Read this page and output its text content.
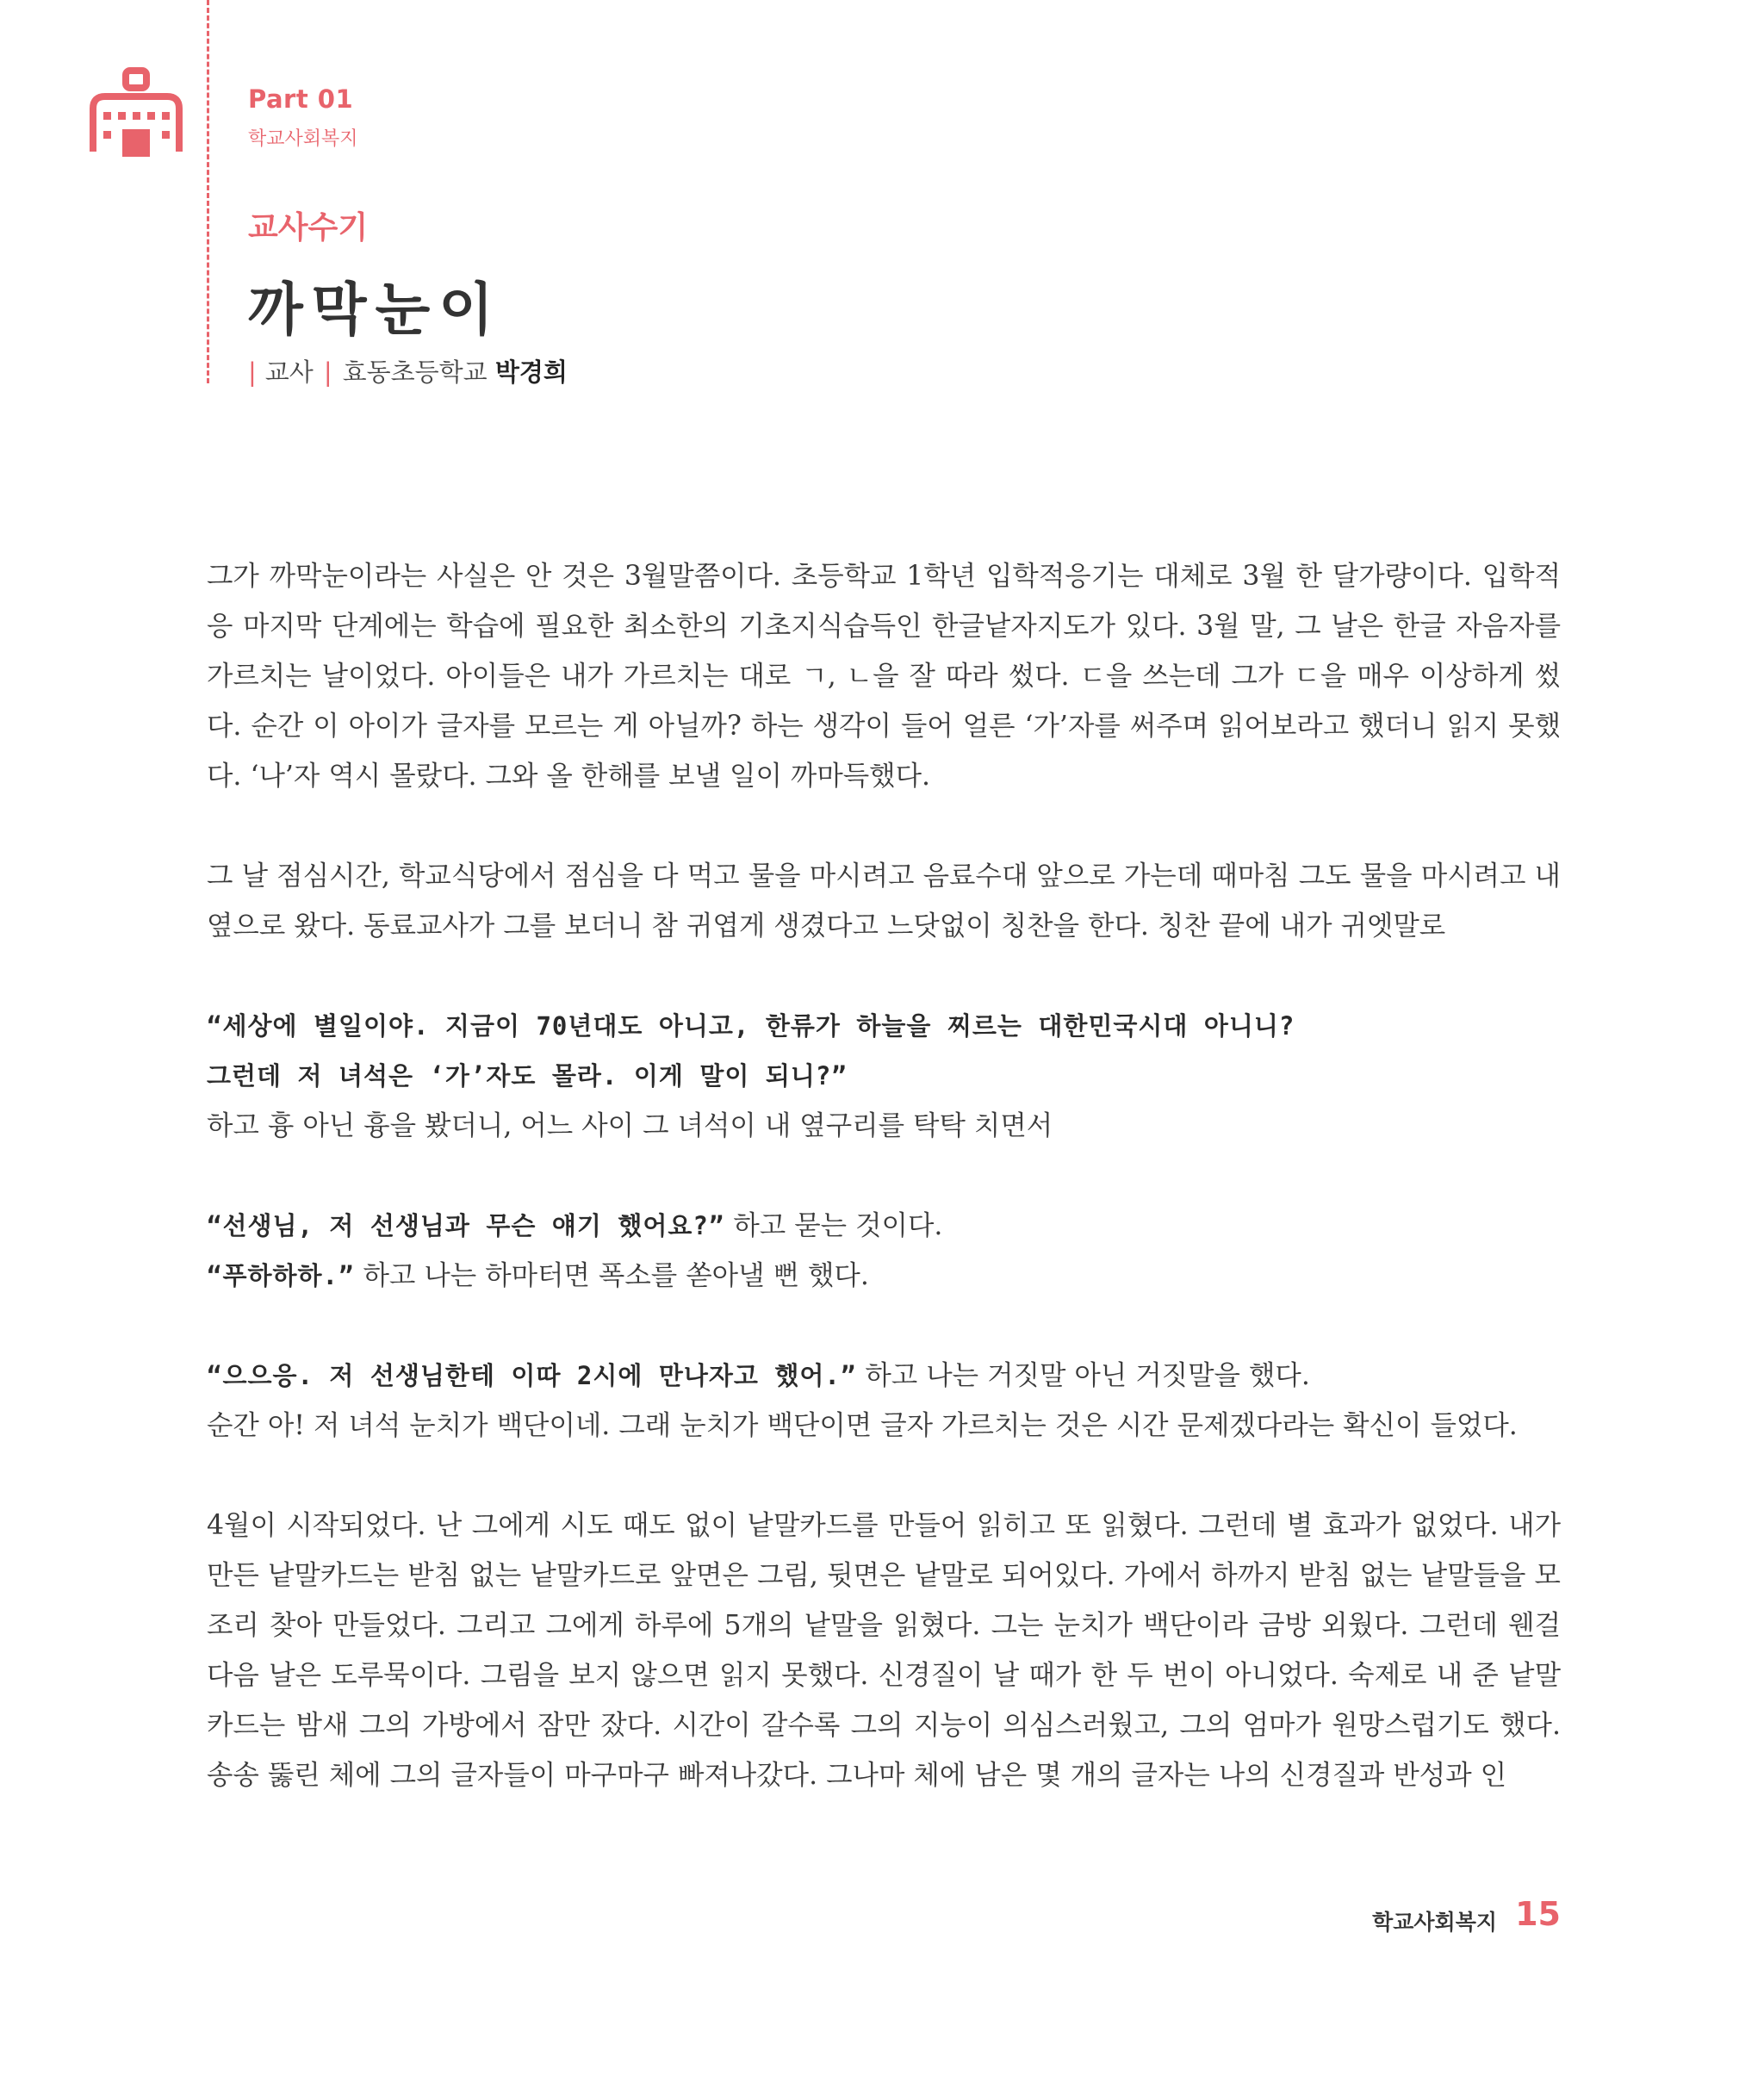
Part 01
학교사회복지
교사수기
까막눈이
| 교사 | 효동초등학교 박경희

그가 까막눈이라는 사실은 안 것은 3월말쯤이다. 초등학교 1학년 입학적응기는 대체로 3월 한 달가량이다. 입학적응 마지막 단계에는 학습에 필요한 최소한의 기초지식습득인 한글낱자지도가 있다. 3월 말, 그 날은 한글 자음자를 가르치는 날이었다. 아이들은 내가 가르치는 대로 ㄱ, ㄴ을 잘 따라 썼다. ㄷ을 쓰는데 그가 ㄷ을 매우 이상하게 썼다. 순간 이 아이가 글자를 모르는 게 아닐까? 하는 생각이 들어 얼른 ‘가’자를 써주며 읽어보라고 했더니 읽지 못했다. ‘나’자 역시 몰랐다. 그와 올 한해를 보낼 일이 까마득했다.

그 날 점심시간, 학교식당에서 점심을 다 먹고 물을 마시려고 음료수대 앞으로 가는데 때마침 그도 물을 마시려고 내 옆으로 왔다. 동료교사가 그를 보더니 참 귀엽게 생겼다고 느닷없이 칭찬을 한다. 칭찬 끝에 내가 귀엣말로

“세상에 별일이야. 지금이 70년대도 아니고, 한류가 하늘을 찌르는 대한민국시대 아니니?
그런데 저 녀석은 ‘가’자도 몰라. 이게 말이 되니?”
하고 흉 아닌 흉을 봤더니, 어느 사이 그 녀석이 내 옆구리를 탁탁 치면서
“선생님, 저 선생님과 무슨 얘기 했어요?” 하고 묻는 것이다.
“푸하하하.” 하고 나는 하마터면 폭소를 쏟아낼 뻔 했다.
“으으응. 저 선생님한테 이따 2시에 만나자고 했어.” 하고 나는 거짓말 아닌 거짓말을 했다.
순간 아! 저 녀석 눈치가 백단이네. 그래 눈치가 백단이면 글자 가르치는 것은 시간 문제겠다라는 확신이 들었다.

4월이 시작되었다. 난 그에게 시도 때도 없이 낱말카드를 만들어 읽히고 또 읽혔다. 그런데 별 효과가 없었다. 내가 만든 낱말카드는 받침 없는 낱말카드로 앞면은 그림, 뒷면은 낱말로 되어있다. 가에서 하까지 받침 없는 낱말들을 모조리 찾아 만들었다. 그리고 그에게 하루에 5개의 낱말을 읽혔다. 그는 눈치가 백단이라 금방 외웠다. 그런데 웬걸 다음 날은 도루묵이다. 그림을 보지 않으면 읽지 못했다. 신경질이 날 때가 한 두 번이 아니었다. 숙제로 내 준 낱말카드는 밤새 그의 가방에서 잠만 잤다. 시간이 갈수록 그의 지능이 의심스러웠고, 그의 엄마가 원망스럽기도 했다. 송송 뚫린 체에 그의 글자들이 마구마구 빠져나갔다. 그나마 체에 남은 몇 개의 글자는 나의 신경질과 반성과 인

학교사회복지 15
